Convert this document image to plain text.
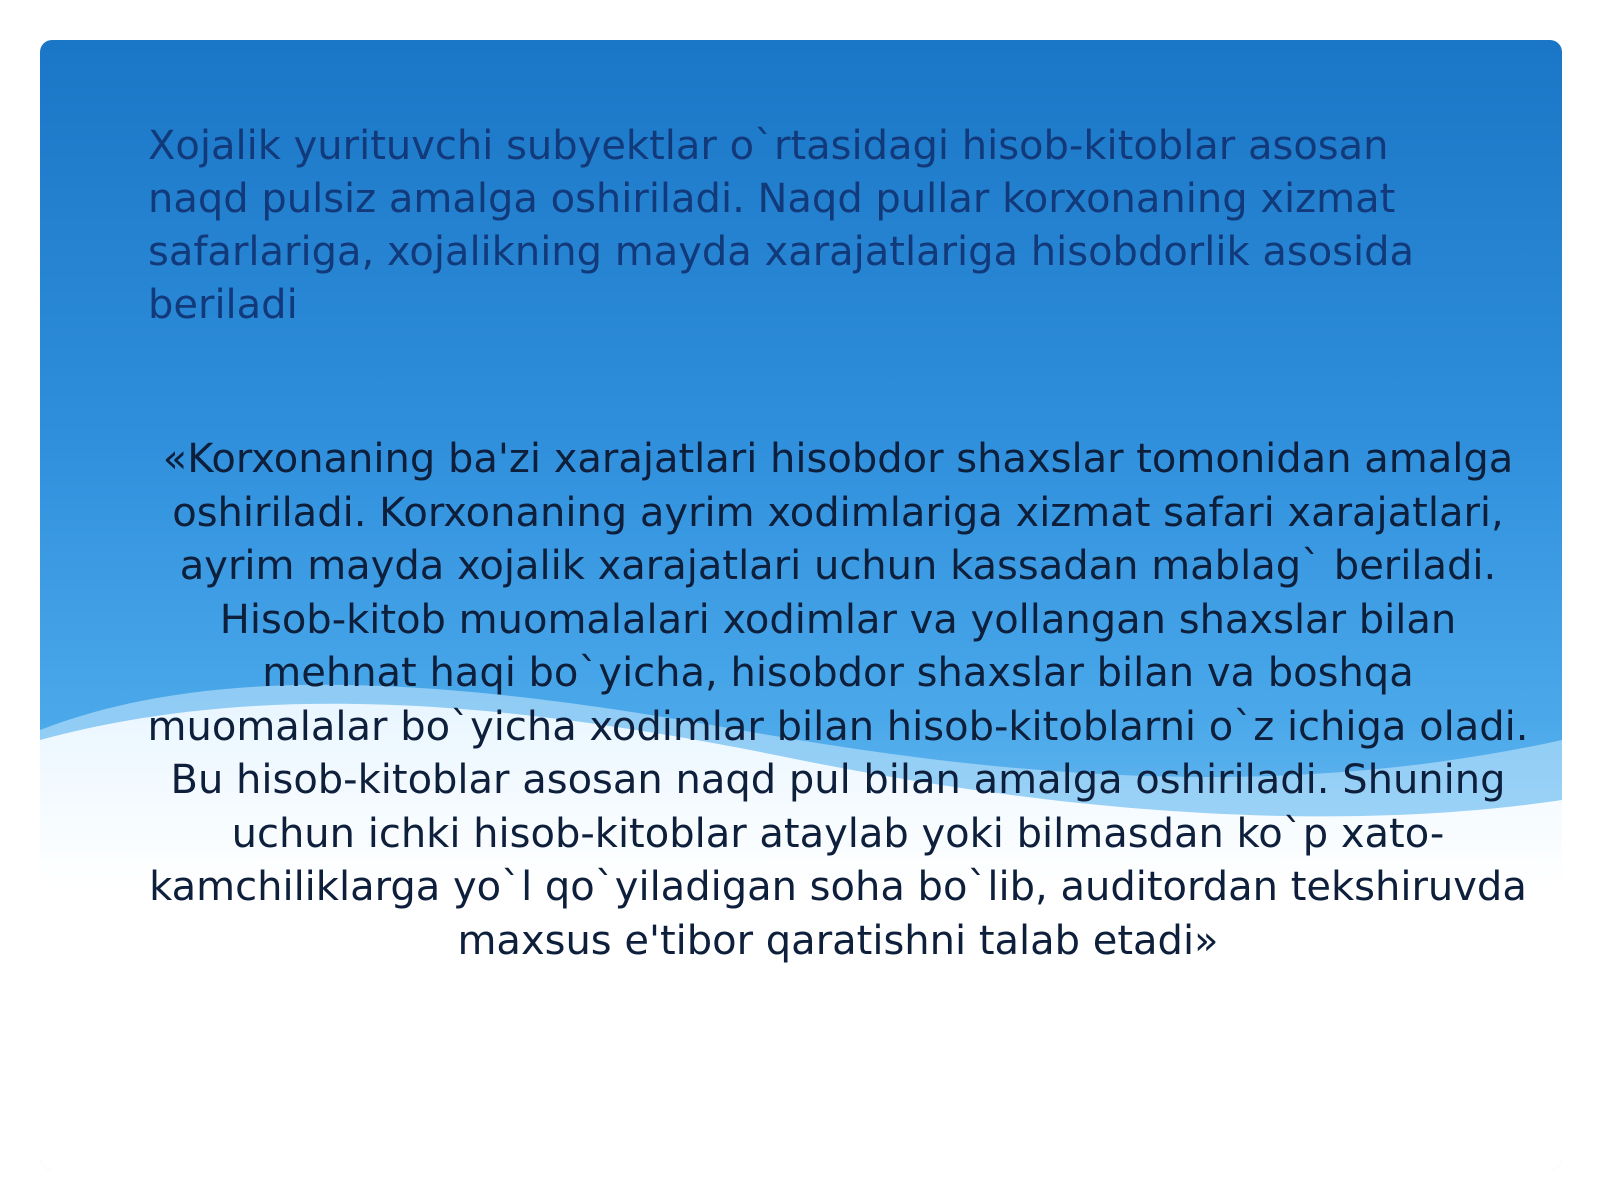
Xojalik yurituvchi subyektlar o`rtasidagi hisob-kitoblar asosan naqd pulsiz amalga oshiriladi. Naqd pullar korxonaning xizmat safarlariga, xojalikning mayda xarajatlariga hisobdorlik asosida beriladi

«Korxonaning ba'zi xarajatlari hisobdor shaxslar tomonidan amalga oshiriladi. Korxonaning ayrim xodimlariga xizmat safari xarajatlari, ayrim mayda xojalik xarajatlari uchun kassadan mablag` beriladi. Hisob-kitob muomalalari xodimlar va yollangan shaxslar bilan mehnat haqi bo`yicha, hisobdor shaxslar bilan va boshqa muomalalar bo`yicha xodimlar bilan hisob-kitoblarni o`z ichiga oladi. Bu hisob-kitoblar asosan naqd pul bilan amalga oshiriladi. Shuning uchun ichki hisob-kitoblar ataylab yoki bilmasdan ko`p xato-kamchiliklarga yo`l qo`yiladigan soha bo`lib, auditordan tekshiruvda maxsus e'tibor qaratishni talab etadi»
